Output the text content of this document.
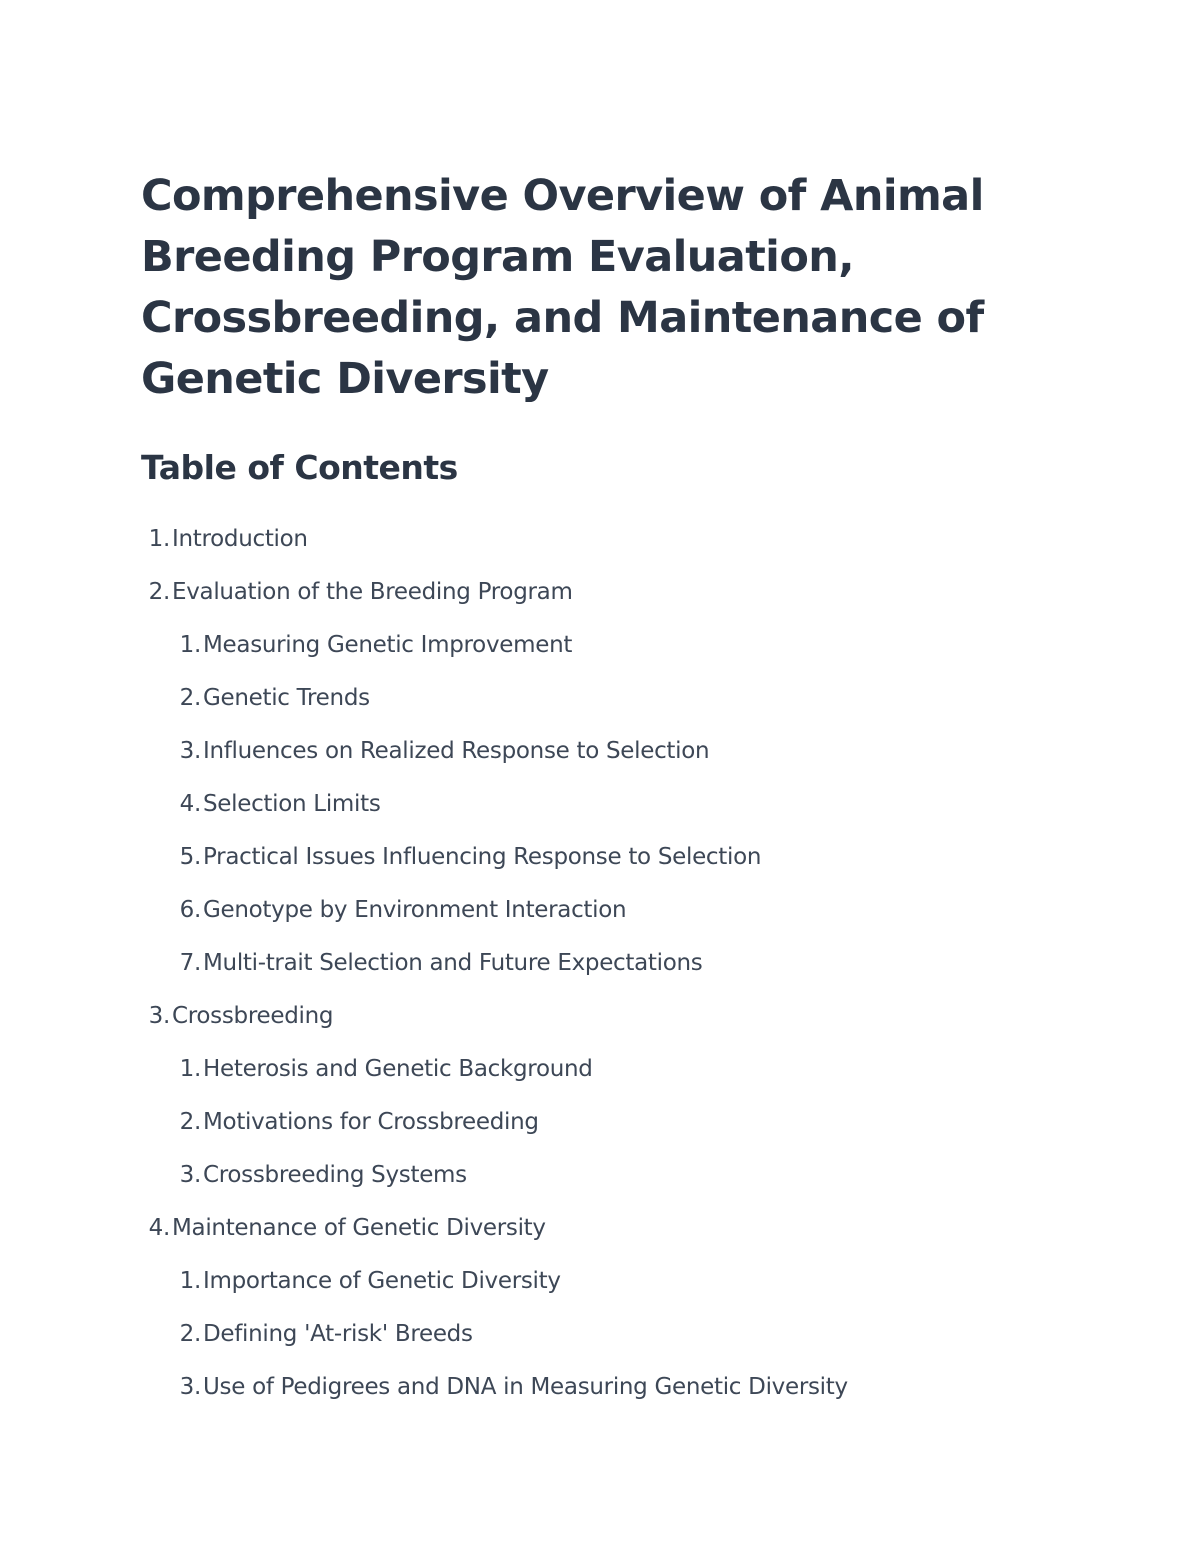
Comprehensive Overview of Animal Breeding Program Evaluation, Crossbreeding, and Maintenance of Genetic Diversity
Table of Contents
1. Introduction
2. Evaluation of the Breeding Program
1. Measuring Genetic Improvement
2. Genetic Trends
3. Influences on Realized Response to Selection
4. Selection Limits
5. Practical Issues Influencing Response to Selection
6. Genotype by Environment Interaction
7. Multi-trait Selection and Future Expectations
3. Crossbreeding
1. Heterosis and Genetic Background
2. Motivations for Crossbreeding
3. Crossbreeding Systems
4. Maintenance of Genetic Diversity
1. Importance of Genetic Diversity
2. Defining 'At-risk' Breeds
3. Use of Pedigrees and DNA in Measuring Genetic Diversity
